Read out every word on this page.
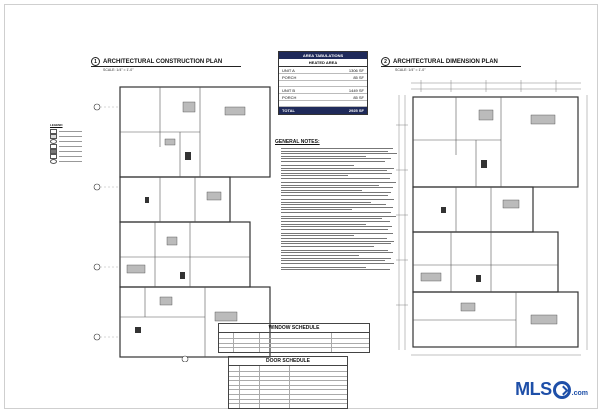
1	ARCHITECTURAL CONSTRUCTION PLAN
SCALE: 1/4" = 1'-0"
2	ARCHITECTURAL DIMENSION PLAN
SCALE: 1/4" = 1'-0"
LEGEND
AREA TABULATIONS
HEATED AREA
UNIT A	1306 SF
PORCH	85 SF
UNIT B	1449 SF
PORCH	85 SF
TOTAL	2925 SF
GENERAL NOTES:
WINDOW SCHEDULE
DOOR SCHEDULE
MLS	.com
